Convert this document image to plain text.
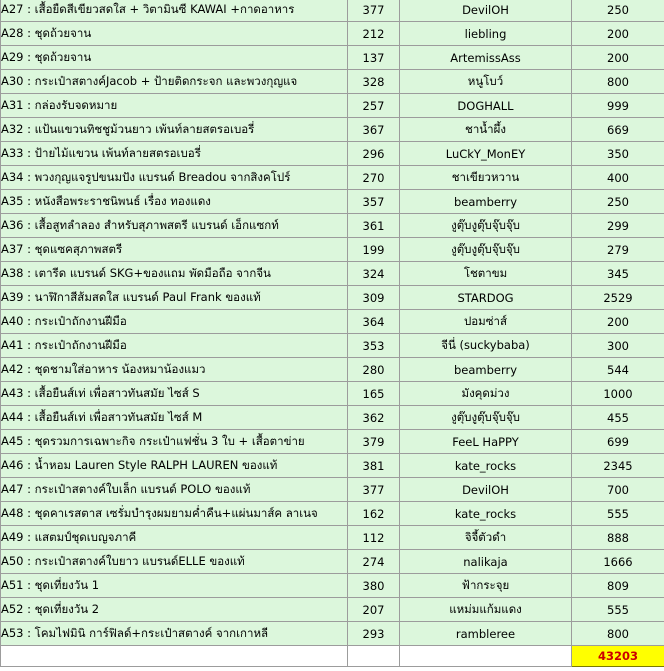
A27 : เสื้อยืดสีเขียวสดใส + วิตามินซี KAWAI +กาดอาหาร	377	DevilOH	250
A28 : ชุดถ้วยจาน	212	liebling	200
A29 : ชุดถ้วยจาน	137	ArtemissAss	200
A30 : กระเป๋าสตางค์Jacob + ป้ายติดกระจก และพวงกุญแจ	328	หนูโบว์	800
A31 : กล่องรับจดหมาย	257	DOGHALL	999
A32 : แป้นแขวนทิชชูม้วนยาว เพ้นท์ลายสตรอเบอรี่	367	ชาน้ำผึ้ง	669
A33 : ป้ายไม้แขวน เพ้นท์ลายสตรอเบอรี่	296	LuCkY_MonEY	350
A34 : พวงกุญแจรูปขนมปัง แบรนด์ Breadou จากสิงคโปร์	270	ชาเขียวหวาน	400
A35 : หนังสือพระราชนิพนธ์ เรื่อง ทองแดง	357	beamberry	250
A36 : เสื้อสูทลำลอง สำหรับสุภาพสตรี แบรนด์ เอ็กแซกท์	361	งูตุ๊บงูตุ๊บจุ๊บจุ๊บ	299
A37 : ชุดแซคสุภาพสตรี	199	งูตุ๊บงูตุ๊บจุ๊บจุ๊บ	279
A38 : เตารีด แบรนด์ SKG+ของแถม พัดมือถือ จากจีน	324	โชตาขม	345
A39 : นาฬิกาสีส้มสดใส แบรนด์ Paul Frank ของแท้	309	STARDOG	2529
A40 : กระเป๋าถักงานฝีมือ	364	ปอมซ่าส์	200
A41 : กระเป๋าถักงานฝีมือ	353	จีนี่ (suckybaba)	300
A42 : ชุดชามใส่อาหาร น้องหมาน้องแมว	280	beamberry	544
A43 : เสื้อยืนส์เท่ เพื่อสาวทันสมัย ไซส์ S	165	มังคุดม่วง	1000
A44 : เสื้อยืนส์เท่ เพื่อสาวทันสมัย ไซส์ M	362	งูตุ๊บงูตุ๊บจุ๊บจุ๊บ	455
A45 : ชุดรวมการเฉพาะกิจ กระเป๋าแฟชั่น 3 ใบ + เสื้อตาข่าย	379	FeeL HaPPY	699
A46 : น้ำหอม Lauren Style RALPH LAUREN ของแท้	381	kate_rocks	2345
A47 : กระเป๋าสตางค์ใบเล็ก แบรนด์ POLO ของแท้	377	DevilOH	700
A48 : ชุดคาเรสตาส เซรั่มบำรุงผมยามค่ำคืน+แผ่นมาส์ค ลาเนจ	162	kate_rocks	555
A49 : แสตมป์ชุดเบญจภาคี	112	จิจี้ตัวดำ	888
A50 : กระเป๋าสตางค์ใบยาว แบรนด์ELLE ของแท้	274	nalikaja	1666
A51 : ชุดเที่ยงวัน 1	380	ฟ้ากระจุย	809
A52 : ชุดเที่ยงวัน 2	207	แหม่มแก้มแดง	555
A53 : โคมไฟมินิ การ์ฟิลด์+กระเป๋าสตางค์ จากเกาหลี	293	rambleree	800
			43203
